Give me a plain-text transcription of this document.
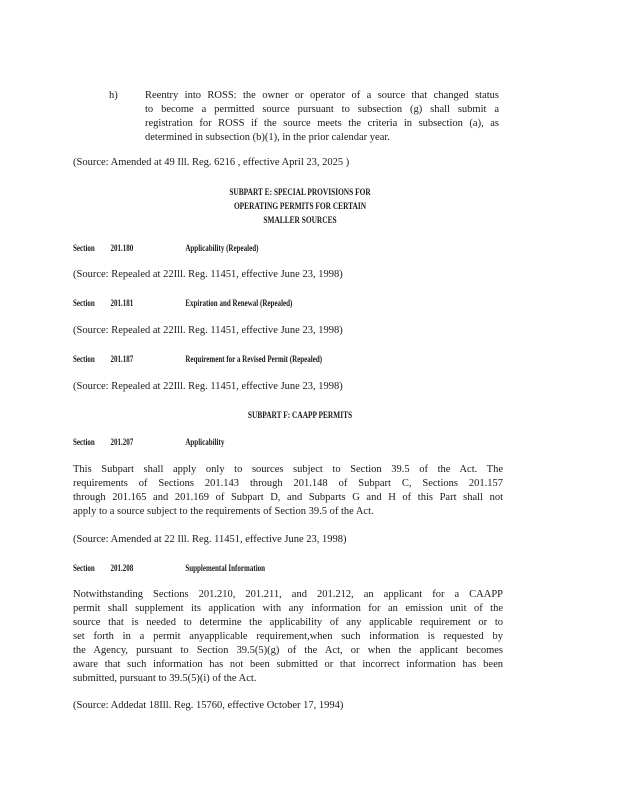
h)	Reentry into ROSS: the owner or operator of a source that changed status
to become a permitted source pursuant to subsection (g) shall submit a
registration for ROSS if the source meets the criteria in subsection (a), as
determined in subsection (b)(1), in the prior calendar year.
(Source: Amended at 49 Ill. Reg. 6216 , effective April 23, 2025 )
SUBPART E: SPECIAL PROVISIONS FOR
OPERATING PERMITS FOR CERTAIN
SMALLER SOURCES
Section 201.180	Applicability (Repealed)
(Source: Repealed at 22Ill. Reg. 11451, effective June 23, 1998)
Section 201.181	Expiration and Renewal (Repealed)
(Source: Repealed at 22Ill. Reg. 11451, effective June 23, 1998)
Section 201.187	Requirement for a Revised Permit (Repealed)
(Source: Repealed at 22Ill. Reg. 11451, effective June 23, 1998)
SUBPART F: CAAPP PERMITS
Section 201.207	Applicability
This Subpart shall apply only to sources subject to Section 39.5 of the Act. The
requirements of Sections 201.143 through 201.148 of Subpart C, Sections 201.157
through 201.165 and 201.169 of Subpart D, and Subparts G and H of this Part shall not
apply to a source subject to the requirements of Section 39.5 of the Act.
(Source: Amended at 22 Ill. Reg. 11451, effective June 23, 1998)
Section 201.208	Supplemental Information
Notwithstanding Sections 201.210, 201.211, and 201.212, an applicant for a CAAPP
permit shall supplement its application with any information for an emission unit of the
source that is needed to determine the applicability of any applicable requirement or to
set forth in a permit anyapplicable requirement,when such information is requested by
the Agency, pursuant to Section 39.5(5)(g) of the Act, or when the applicant becomes
aware that such information has not been submitted or that incorrect information has been
submitted, pursuant to 39.5(5)(i) of the Act.
(Source: Addedat 18Ill. Reg. 15760, effective October 17, 1994)
